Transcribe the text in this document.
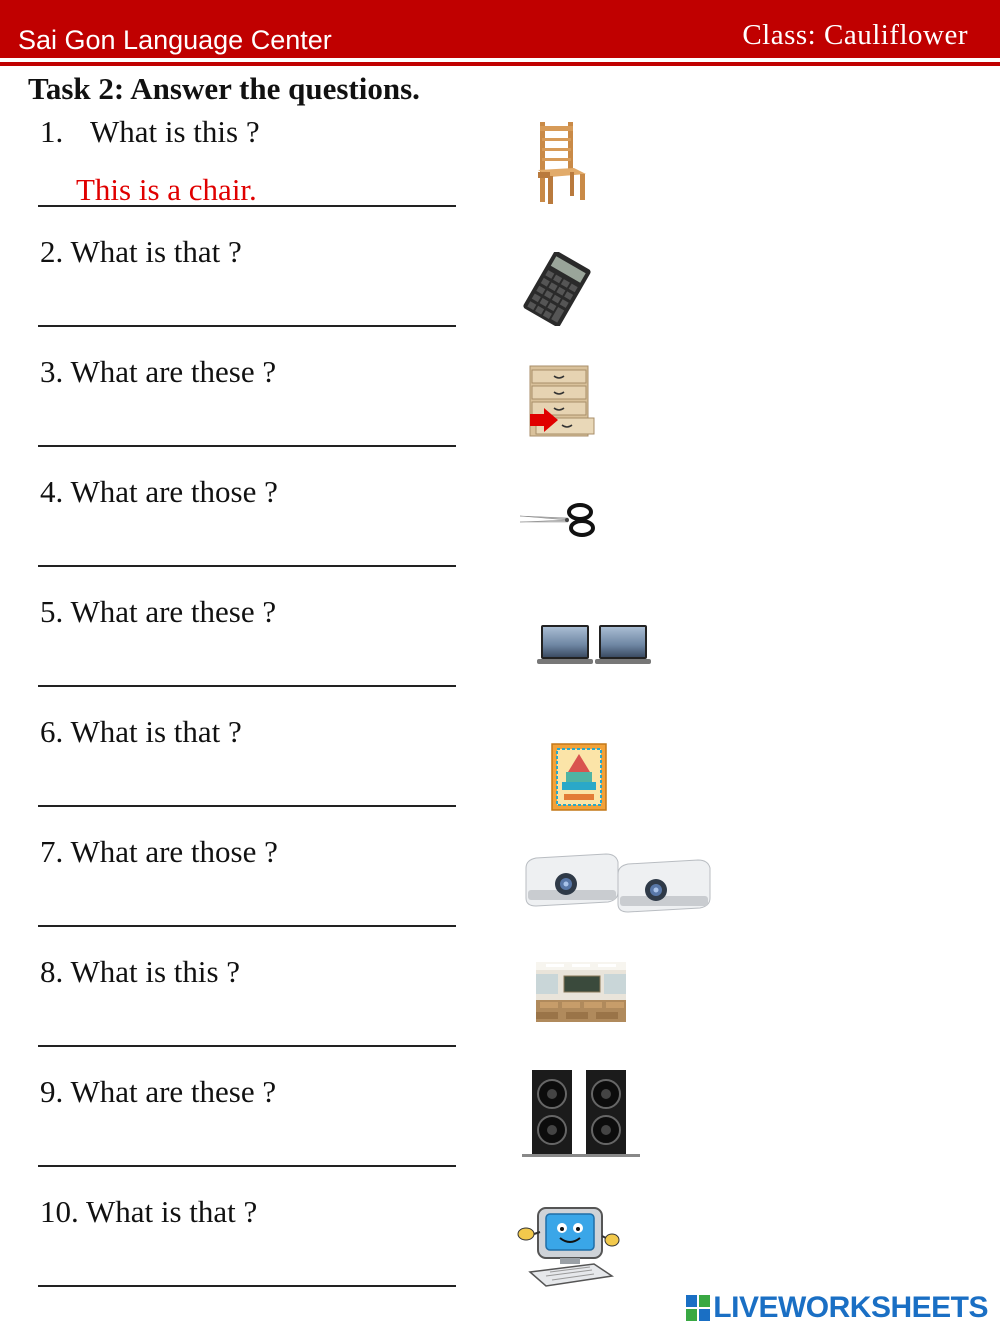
Sai Gon Language Center	Class: Cauliflower
Task 2: Answer the questions.
1. What is this ?
This is a chair.
2. What is that ?
3. What are these ?
4. What are those ?
5. What are these ?
6. What is that ?
7. What are those ?
8. What is this ?
9. What are these ?
10. What is that ?
LIVEWORKSHEETS
